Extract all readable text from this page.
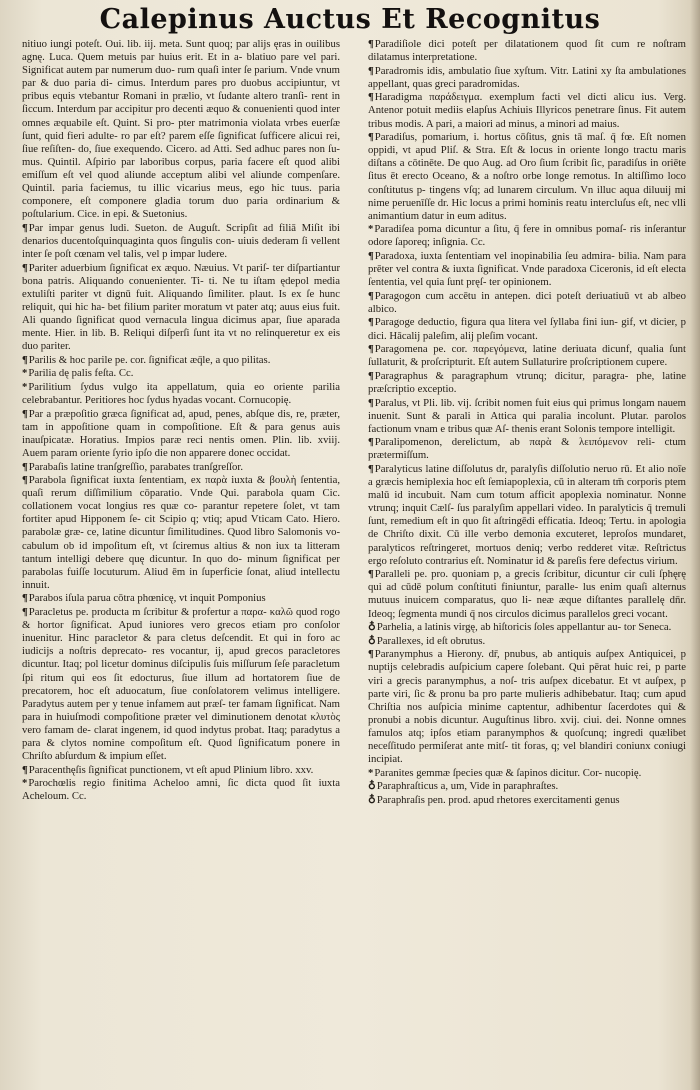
Calepinus Auctus Et Recognitus

nitiuo iungi poteſt. Oui. lib. iij. meta. Sunt quoq; par alijs ęras in ouilibus agnę. Luca. Quem metuis par huius erit. Et in a- blatiuo pare vel pari. Significat autem par numerum duo- rum quaſi inter ſe parium. Vnde vnum par & duo paria di- cimus. Interdum pares pro duobus accipiuntur, vt pribus equis vtebantur Romani in prælio, vt ſudante altero tranſi- rent in ſiccum. Interdum par accipitur pro decenti æquo & conuenienti quod inter omnes æquabile eſt. Quint. Si pro- pter matrimonia violata vrbes euerſæ ſunt, quid fieri adulte- ro par eſt? parem eſſe ſignificat ſufficere alicui rei, ſiue reſiſten- do, ſiue exequendo. Cicero. ad Atti. Sed adhuc pares non ſu- mus. Quintil. Aſpirio par laboribus corpus, paria facere eſt quod alibi emiſſum eſt vel quod aliunde acceptum alibi vel aliunde compenſare. Quintil. paria faciemus, tu illic vicarius meus, ego hic tuus. paria componere, eſt componere gladia torum duo paria ordinarium & poſtularium. Cice. in epi. & Suetonius.

¶Par impar genus ludi. Sueton. de Auguſt. Scripſit ad filiā Miſit ibi denarios ducentoſquinquaginta quos ſingulis con- uiuis dederam ſi vellent inter ſe poſt cœnam vel talis, vel p impar ludere.

¶Pariter aduerbium ſignificat ex æquo. Næuius. Vt pariſ- ter diſpartiantur bona patris. Aliquando conuenienter. Ti- ti. Ne tu iſtam ędepol media extuliſti pariter vt dignū fuit. Aliquando ſimiliter. plaut. Is ex ſe hunc reliquit, qui hic ha- bet filium pariter moratum vt pater atq; auus eius fuit. Ali quando ſignificat quod vernacula lingua dicimus apar, ſiue aparada mente. Hier. in lib. B. Reliqui diſperſi ſunt ita vt no relinqueretur ex eis duo pariter.

¶Parilis & hoc parile pe. cor. ſignificat æq̄le, a quo pilitas.

*Parilia dę palis feſta. Cc.

*Parilitium ſydus vulgo ita appellatum, quia eo oriente parilia celebrabantur. Peritiores hoc ſydus hyadas vocant. Cornucopię.

¶Par a præpoſitio græca ſignificat ad, apud, penes, abſque dis, re, præter, tam in appoſitione quam in compoſitione. Eſt & para genus auis inauſpicatæ. Horatius. Impios paræ reci nentis omen. Plin. lib. xviij. Auem param oriente ſyrio ipſo die non apparere donec occidat.

¶Parabaſis latine tranſgreſſio, parabates tranſgreſſor.

¶Parabola ſignificat iuxta ſententiam, ex παρὰ iuxta & βουλὴ ſententia, quaſi rerum diſſimilium cōparatio. Vnde Qui. parabola quam Cic. collationem vocat longius res quæ co- parantur repetere ſolet, vt tam fortiter apud Hipponem ſe- cit Scipio q; vtiq; apud Vticam Cato. Hiero. parabolæ græ- ce, latine dicuntur ſimilitudines. Quod libro Salomonis vo- cabulum ob id impoſitum eſt, vt ſciremus altius & non iux ta litteram tantum intelligi debere quę dicuntur. In quo do- minum ſignificat per parabolas fuiſſe locuturum. Aliud ēm in ſuperficie ſonat, aliud intellectu innuit.

¶Parabos iſula parua cōtra phœnicę, vt inquit Pomponius

¶Paracletus pe. producta m ſcribitur & profertur a παρα- καλῶ quod rogo & hortor ſignificat. Apud iuniores vero grecos etiam pro conſolor inuenitur. Hinc paracletor & para cletus deſcendit. Et qui in foro ac iudicijs a noſtris deprecato- res vocantur, ij, apud grecos paracletores dicuntur. Itaq; pol licetur dominus diſcipulis ſuis miſſurum ſeſe paracletum ſpi ritum qui eos ſit edocturus, ſiue illum ad hortatorem ſiue de precatorem, hoc eſt aduocatum, ſiue conſolatorem velimus intelligere. Paradytus autem per y tenue infamem aut præſ- ter famam ſignificat. Nam para in huiuſmodi compoſitione præter vel diminutionem denotat κλυτὸς vero famam de- clarat ingenem, id quod indytus probat. Itaq; paradytus a para & clytos nomine compoſitum eſt. Quod ſignificatum ponere in Chriſto abſurdum & impium eſſet.

¶Paracenthęſis ſignificat punctionem, vt eſt apud Plinium libro. xxv.

*Parochœlis regio finitima Acheloo amni, ſic dicta quod ſit iuxta Acheloum. Cc.

¶Paradiſiole dici poteſt per dilatationem quod ſit cum re noſtram dilatamus interpretatione.

¶Paradromis idis, ambulatio ſiue xyſtum. Vitr. Latini xy ſta ambulationes appellant, quas greci paradromidas.

¶Haradigma παράδειγμα. exemplum facti vel dicti alicu ius. Verg. Antenor potuit mediis elapſus Achiuis Illyricos penetrare ſinus. Fit autem tribus modis. A pari, a maiori ad minus, a minori ad maius.

¶Paradiſus, pomarium, i. hortus cōſitus, gnis tā maſ. q̄ fœ. Eſt nomen oppidi, vt apud Pliſ. & Stra. Eſt & locus in oriente longo tractu maris diſtans a cōtinēte. De quo Aug. ad Oro ſium ſcribit ſic, paradiſus in oriēte ſitus ēt erecto Oceano, & a noſtro orbe longe remotus. In altiſſimo loco conſtitutus p- tingens vſq; ad lunarem circulum. Vn illuc aqua diluuij mi nime peruenīſſe dr. Hic locus a primi hominis reatu intercluſus eſt, nec vlli animantium datur in eum aditus.

*Paradiſea poma dicuntur a ſitu, q̄ fere in omnibus pomaſ- ris inſerantur odore ſaporeq; inſignia. Cc.

¶Paradoxa, iuxta ſententiam vel inopinabilia ſeu admira- bilia. Nam para prēter vel contra & iuxta ſignificat. Vnde paradoxa Ciceronis, id eſt electa ſententia, vel quia ſunt pręſ- ter opinionem.

¶Paragogon cum accētu in antepen. dici poteſt deriuatiuū vt ab albeo albico.

¶Paragoge deductio, figura qua litera vel ſyllaba fini iun- gif, vt dicier, p dici. Hācalij paleſim, alij pleſim vocant.

¶Paragomena pe. cor. παρεγόμενα, latine deriuata dicunf, qualia ſunt ſullaturit, & proſcripturit. Eſt autem Sullaturire proſcriptionem cupere.

¶Paragraphus & paragraphum vtrunq; dicitur, paragra- phe, latine præſcriptio exceptio.

¶Paralus, vt Pli. lib. vij. ſcribit nomen fuit eius qui primus longam nauem inuenit. Sunt & parali in Attica qui paralia incolunt. Plutar. parolos factionum vnam e tribus quæ Aſ- thenis erant Solonis tempore intelligit.

¶Paralipomenon, derelictum, ab παρὰ & λειπόμενον reli- ctum prætermiſſum.

¶Paralyticus latine diſſolutus dr, paralyſis diſſolutio neruo rū. Et alio noīe a græcis hemiplexia hoc eſt ſemiapoplexia, cū in alteram tm̄ corporis ptem malū id incubuit. Nam cum totum afficit apoplexia nominatur. Nonne vtrunq; inquit Cælſ- ſus paralyſim appellari video. In paralyticis q̄ tremuli ſunt, remedium eſt in quo ſit aſtringēdi efficatia. Ideoq; Tertu. in apologia de Chriſto dixit. Cū ille verbo demonia excuteret, leproſos mundaret, paralyticos reſtringeret, mortuos deniq; verbo redderet vitæ. Reſtrictus ergo reſoluto contrarius eſt. Nominatur id & pareſis fere defectus virium.

¶Paralleli pe. pro. quoniam p, a grecis ſcribitur, dicuntur cir culi ſphęrę qui ad cūdē polum conſtituti finiuntur, paralle- lus enim quaſi alternus mutuus inuicem comparatus, quo li- neæ æque diſtantes parallelę dn̄r. Ideoq; ſegmenta mundi q̄ nos circulos dicimus parallelos greci vocant.

♁Parhelia, a latinis virgę, ab hiſtoricis ſoles appellantur au- tor Seneca.

♁Parallexes, id eſt obrutus.

¶Paranymphus a Hierony. dr̄, pnubus, ab antiquis auſpex Antiquicei, p nuptijs celebradis auſpicium capere ſolebant. Qui pērat huic rei, p parte viri a grecis paranymphus, a noſ- tris auſpex dicebatur. Et vt auſpex, p parte viri, ſic & pronu ba pro parte mulieris adhibebatur. Itaq; cum apud Chriſtia nos auſpicia minime captentur, adhibentur ſacerdotes qui & pronubi a nobis dicuntur. Auguſtinus libro. xvij. ciui. dei. Nonne omnes famulos atq; ipſos etiam paranymphos & quoſcunq; ingredi quælibet neceſſitudo permiſerat ante mitſ- tit foras, q; vel blandiri coniunx coniugi incipiat.

*Paranites gemmæ ſpecies quæ & ſapinos dicitur. Cor- nucopię.

♁Paraphraſticus a, um, Vide in paraphraſtes.

♁Paraphraſis pen. prod. apud rhetores exercitamenti genus
